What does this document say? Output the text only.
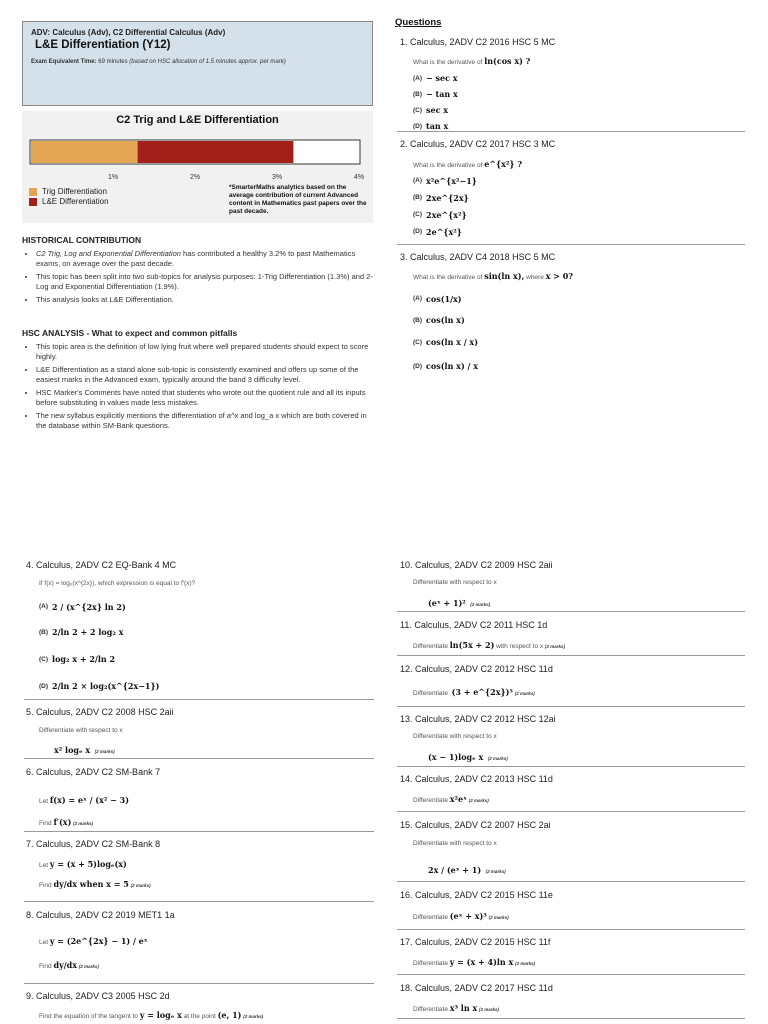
ADV: Calculus (Adv), C2 Differential Calculus (Adv)
L&E Differentiation (Y12)
Exam Equivalent Time: 69 minutes (based on HSC allocation of 1.5 minutes approx. per mark)
C2 Trig and L&E Differentiation
1%	2%	3%	4%
Trig Differentiation
L&E Differentiation
*SmarterMaths analytics based on the average contribution of current Advanced content in Mathematics past papers over the past decade.
HISTORICAL CONTRIBUTION
• C2 Trig, Log and Exponential Differentiation has contributed a healthy 3.2% to past Mathematics exams, on average over the past decade.
• This topic has been split into two sub-topics for analysis purposes: 1-Trig Differentiation (1.3%) and 2-Log and Exponential Differentiation (1.9%).
• This analysis looks at L&E Differentiation.
HSC ANALYSIS - What to expect and common pitfalls
• This topic area is the definition of low lying fruit where well prepared students should expect to score highly.
• L&E Differentiation as a stand alone sub-topic is consistently examined and offers up some of the easiest marks in the Advanced exam, typically around the band 3 difficulty level.
• HSC Marker's Comments have noted that students who wrote out the quotient rule and all its inputs before substituting in values made less mistakes.
• The new syllabus explicitly mentions the differentiation of a^x and log_a x which are both covered in the database within SM-Bank questions.
Questions
1. Calculus, 2ADV C2 2016 HSC 5 MC
What is the derivative of ln(cos x) ?
(A) − sec x
(B) − tan x
(C) sec x
(D) tan x
2. Calculus, 2ADV C2 2017 HSC 3 MC
What is the derivative of e^{x²} ?
(A) x²e^{x²−1}
(B) 2xe^{2x}
(C) 2xe^{x²}
(D) 2e^{x²}
3. Calculus, 2ADV C4 2018 HSC 5 MC
What is the derivative of sin(ln x), where x > 0?
(A) cos(1/x)
(B) cos(ln x)
(C) cos(ln x / x)
(D) cos(ln x) / x
4. Calculus, 2ADV C2 EQ-Bank 4 MC
If f(x) = log₂(x^{2x}), which expression is equal to f′(x)?
(A) 2 / (x^{2x} ln 2)
(B) 2/ln 2 + 2 log₂ x
(C) log₂ x + 2/ln 2
(D) 2/ln 2 × log₂(x^{2x−1})
5. Calculus, 2ADV C2 2008 HSC 2aii
Differentiate with respect to x
x² logₑ x (2 marks)
6. Calculus, 2ADV C2 SM-Bank 7
Let f(x) = eˣ / (x² − 3)
Find f′(x) (2 marks)
7. Calculus, 2ADV C2 SM-Bank 8
Let y = (x + 5)logₑ(x)
Find dy/dx when x = 5 (2 marks)
8. Calculus, 2ADV C2 2019 MET1 1a
Let y = (2e^{2x} − 1) / eˣ
Find dy/dx (2 marks)
9. Calculus, 2ADV C3 2005 HSC 2d
Find the equation of the tangent to y = logₑ x at the point (e, 1) (2 marks)
10. Calculus, 2ADV C2 2009 HSC 2aii
Differentiate with respect to x
(eˣ + 1)² (2 marks)
11. Calculus, 2ADV C2 2011 HSC 1d
Differentiate ln(5x + 2) with respect to x (2 marks)
12. Calculus, 2ADV C2 2012 HSC 11d
Differentiate (3 + e^{2x})⁵ (2 marks)
13. Calculus, 2ADV C2 2012 HSC 12ai
Differentiate with respect to x
(x − 1)logₑ x (2 marks)
14. Calculus, 2ADV C2 2013 HSC 11d
Differentiate x²eˣ (2 marks)
15. Calculus, 2ADV C2 2007 HSC 2ai
Differentiate with respect to x
2x / (eˣ + 1) (2 marks)
16. Calculus, 2ADV C2 2015 HSC 11e
Differentiate (eˣ + x)³ (2 marks)
17. Calculus, 2ADV C2 2015 HSC 11f
Differentiate y = (x + 4)ln x (2 marks)
18. Calculus, 2ADV C2 2017 HSC 11d
Differentiate x³ ln x (2 marks)
